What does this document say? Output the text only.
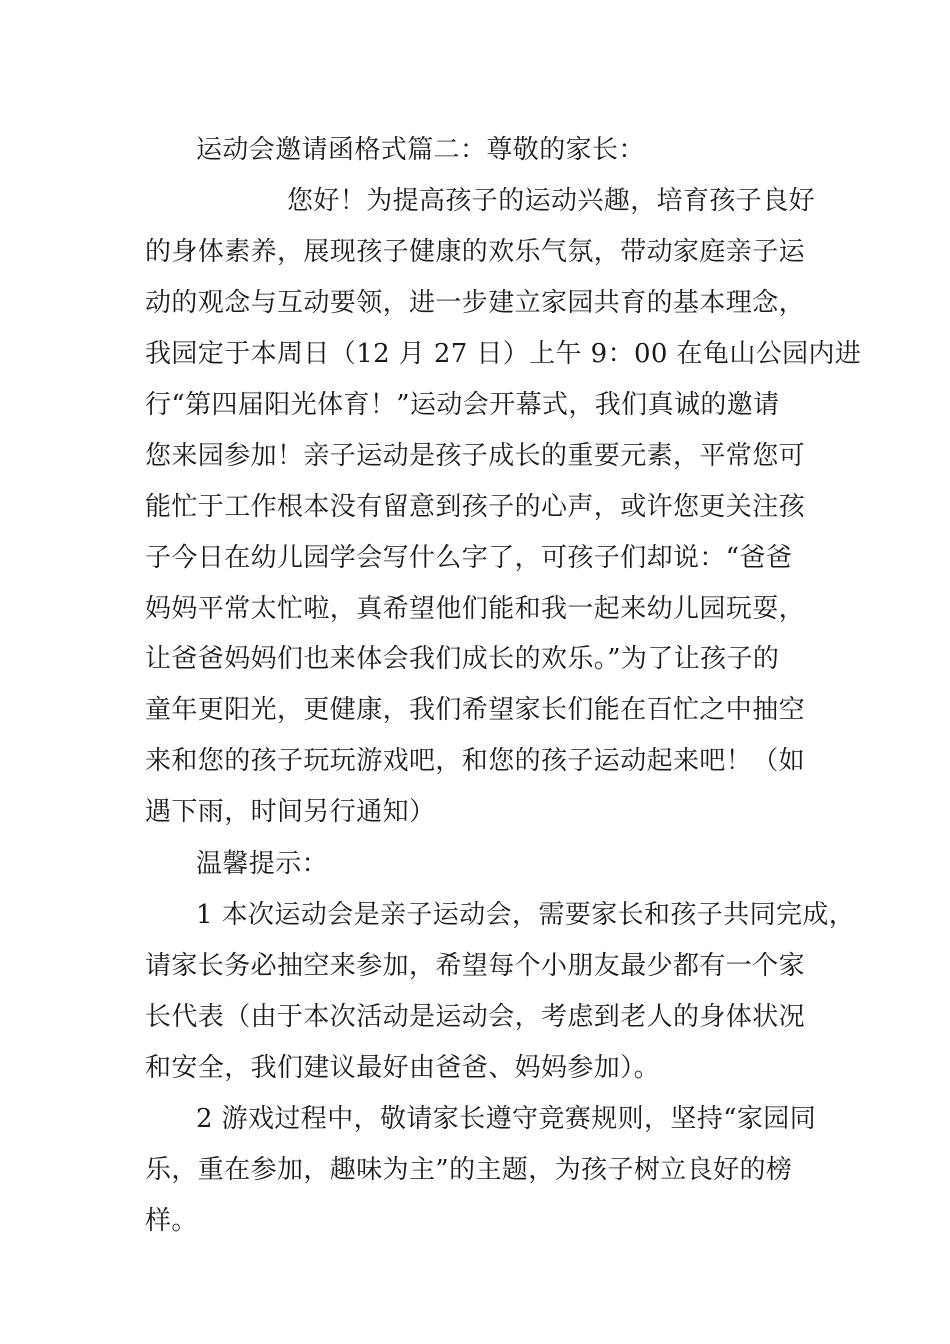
运动会邀请函格式篇二：尊敬的家长：
您好！为提高孩子的运动兴趣，培育孩子良好
的身体素养，展现孩子健康的欢乐气氛，带动家庭亲子运
动的观念与互动要领，进一步建立家园共育的基本理念，
我园定于本周日（12 月 27 日）上午 9：00 在龟山公园内进
行“第四届阳光体育！”运动会开幕式，我们真诚的邀请
您来园参加！亲子运动是孩子成长的重要元素，平常您可
能忙于工作根本没有留意到孩子的心声，或许您更关注孩
子今日在幼儿园学会写什么字了，可孩子们却说：“爸爸
妈妈平常太忙啦，真希望他们能和我一起来幼儿园玩耍，
让爸爸妈妈们也来体会我们成长的欢乐。”为了让孩子的
童年更阳光，更健康，我们希望家长们能在百忙之中抽空
来和您的孩子玩玩游戏吧，和您的孩子运动起来吧！（如
遇下雨，时间另行通知）
温馨提示：
1 本次运动会是亲子运动会，需要家长和孩子共同完成，
请家长务必抽空来参加，希望每个小朋友最少都有一个家
长代表（由于本次活动是运动会，考虑到老人的身体状况
和安全，我们建议最好由爸爸、妈妈参加）。
2 游戏过程中，敬请家长遵守竞赛规则，坚持“家园同
乐，重在参加，趣味为主”的主题，为孩子树立良好的榜
样。
